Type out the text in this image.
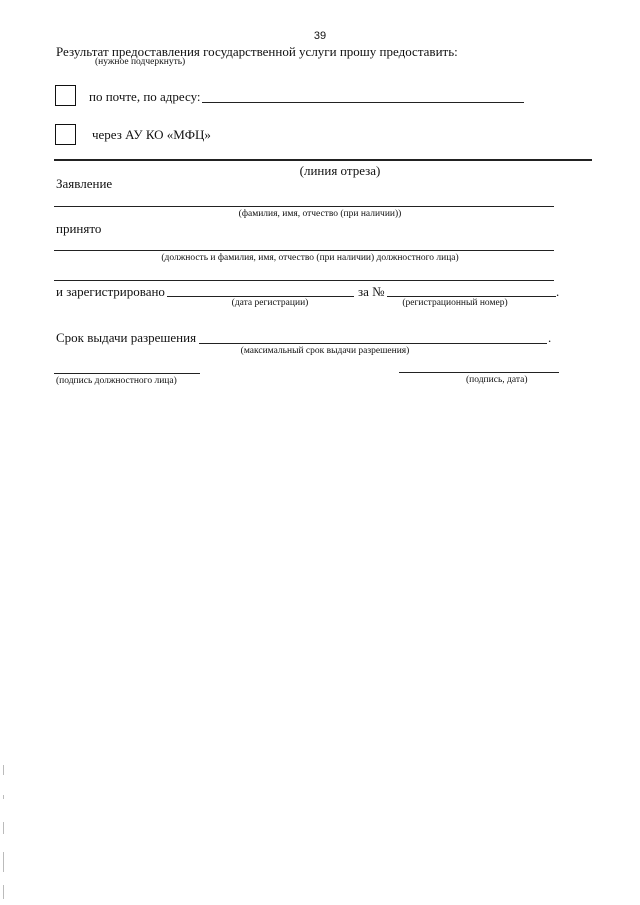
39
Результат предоставления государственной услуги прошу предоставить:
(нужное подчеркнуть)
по почте, по адресу:
через АУ КО «МФЦ»
(линия отреза)
Заявление
(фамилия, имя, отчество (при наличии))
принято
(должность и фамилия, имя, отчество (при наличии) должностного лица)
и зарегистрировано
(дата регистрации)
за №	.
(регистрационный номер)
Срок выдачи разрешения	.
(максимальный срок выдачи разрешения)
(подпись должностного лица)	(подпись, дата)
